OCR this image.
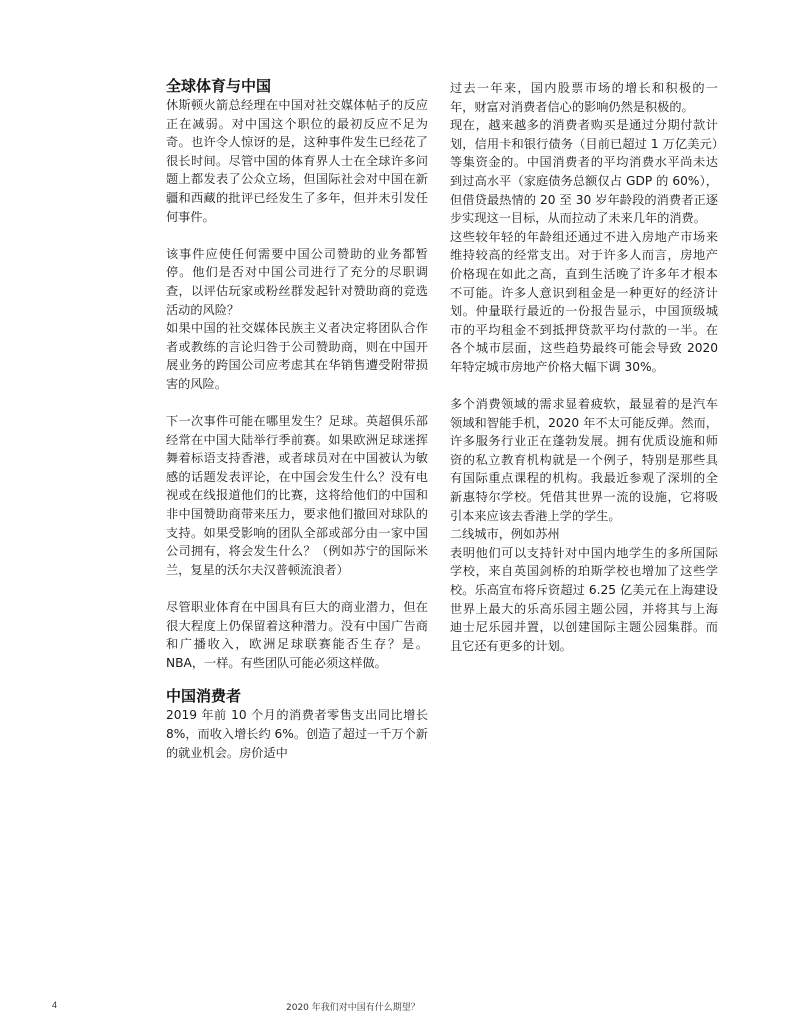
全球体育与中国

休斯顿火箭总经理在中国对社交媒体帖子的反应正在减弱。对中国这个职位的最初反应不足为奇。也许令人惊讶的是，这种事件发生已经花了很长时间。尽管中国的体育界人士在全球许多问题上都发表了公众立场，但国际社会对中国在新疆和西藏的批评已经发生了多年，但并未引发任何事件。

该事件应使任何需要中国公司赞助的业务都暂停。他们是否对中国公司进行了充分的尽职调查，以评估玩家或粉丝群发起针对赞助商的竞选活动的风险？

如果中国的社交媒体民族主义者决定将团队合作者或教练的言论归咎于公司赞助商，则在中国开展业务的跨国公司应考虑其在华销售遭受附带损害的风险。

下一次事件可能在哪里发生？足球。英超俱乐部经常在中国大陆举行季前赛。如果欧洲足球迷挥舞着标语支持香港，或者球员对在中国被认为敏感的话题发表评论，在中国会发生什么？没有电视或在线报道他们的比赛，这将给他们的中国和非中国赞助商带来压力，要求他们撤回对球队的支持。如果受影响的团队全部或部分由一家中国公司拥有，将会发生什么？（例如苏宁的国际米兰，复星的沃尔夫汉普顿流浪者）

尽管职业体育在中国具有巨大的商业潜力，但在很大程度上仍保留着这种潜力。没有中国广告商和广播收入，欧洲足球联赛能否生存？是。NBA，一样。有些团队可能必须这样做。

中国消费者

2019 年前 10 个月的消费者零售支出同比增长 8%，而收入增长约 6%。创造了超过一千万个新的就业机会。房价适中

过去一年来，国内股票市场的增长和积极的一年，财富对消费者信心的影响仍然是积极的。

现在，越来越多的消费者购买是通过分期付款计划，信用卡和银行债务（目前已超过 1 万亿美元）等集资金的。中国消费者的平均消费水平尚未达到过高水平（家庭债务总额仅占 GDP 的 60%），但借贷最热情的 20 至 30 岁年龄段的消费者正逐步实现这一目标，从而拉动了未来几年的消费。

这些较年轻的年龄组还通过不进入房地产市场来维持较高的经常支出。对于许多人而言，房地产价格现在如此之高，直到生活晚了许多年才根本不可能。许多人意识到租金是一种更好的经济计划。仲量联行最近的一份报告显示，中国顶级城市的平均租金不到抵押贷款平均付款的一半。在各个城市层面，这些趋势最终可能会导致 2020 年特定城市房地产价格大幅下调 30%。

多个消费领域的需求显着疲软，最显着的是汽车领域和智能手机，2020 年不太可能反弹。然而，许多服务行业正在蓬勃发展。拥有优质设施和师资的私立教育机构就是一个例子，特别是那些具有国际重点课程的机构。我最近参观了深圳的全新惠特尔学校。凭借其世界一流的设施，它将吸引本来应该去香港上学的学生。

二线城市，例如苏州

表明他们可以支持针对中国内地学生的多所国际学校，来自英国剑桥的珀斯学校也增加了这些学校。乐高宣布将斥资超过 6.25 亿美元在上海建设世界上最大的乐高乐园主题公园，并将其与上海迪士尼乐园并置，以创建国际主题公园集群。而且它还有更多的计划。

4	2020 年我们对中国有什么期望？
